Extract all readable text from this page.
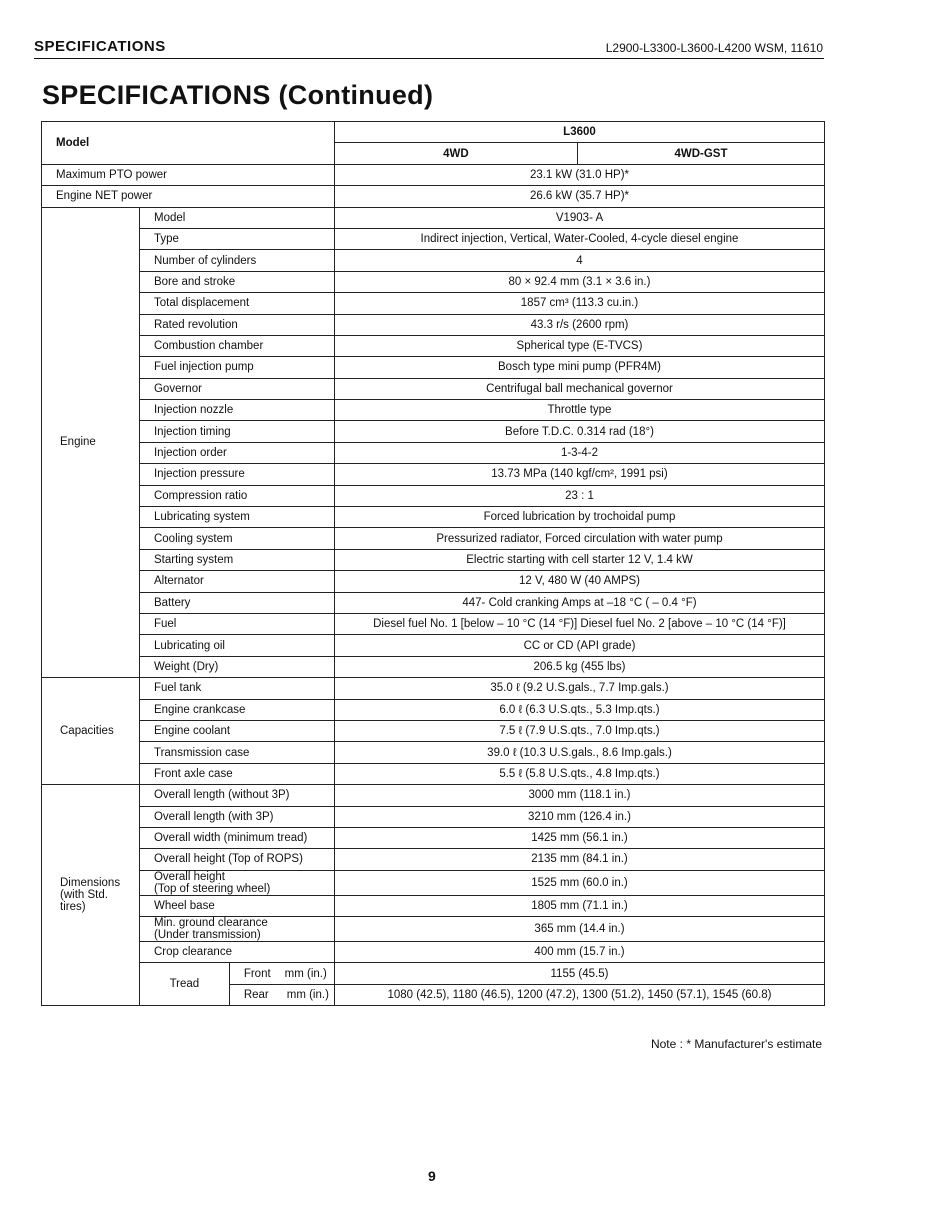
SPECIFICATIONS	L2900-L3300-L3600-L4200 WSM, 11610
SPECIFICATIONS (Continued)
Model			L3600	
			4WD	4WD-GST
Maximum PTO power			23.1 kW (31.0 HP)*	
Engine NET power			26.6 kW (35.7 HP)*	
Engine	Model		V1903- A	
	Type		Indirect injection, Vertical, Water-Cooled, 4-cycle diesel engine	
	Number of cylinders		4	
	Bore and stroke		80 × 92.4 mm (3.1 × 3.6 in.)	
	Total displacement		1857 cm³ (113.3 cu.in.)	
	Rated revolution		43.3 r/s (2600 rpm)	
	Combustion chamber		Spherical type (E-TVCS)	
	Fuel injection pump		Bosch type mini pump (PFR4M)	
	Governor		Centrifugal ball mechanical governor	
	Injection nozzle		Throttle type	
	Injection timing		Before T.D.C. 0.314 rad (18°)	
	Injection order		1-3-4-2	
	Injection pressure		13.73 MPa (140 kgf/cm², 1991 psi)	
	Compression ratio		23 : 1	
	Lubricating system		Forced lubrication by trochoidal pump	
	Cooling system		Pressurized radiator, Forced circulation with water pump	
	Starting system		Electric starting with cell starter 12 V, 1.4 kW	
	Alternator		12 V, 480 W (40 AMPS)	
	Battery		447- Cold cranking Amps at –18 °C ( – 0.4 °F)	
	Fuel		Diesel fuel No. 1 [below – 10 °C (14 °F)] Diesel fuel No. 2 [above – 10 °C (14 °F)]	
	Lubricating oil		CC or CD (API grade)	
	Weight (Dry)		206.5 kg (455 lbs)	
Capacities	Fuel tank		35.0 ℓ (9.2 U.S.gals., 7.7 Imp.gals.)	
	Engine crankcase		6.0 ℓ (6.3 U.S.qts., 5.3 Imp.qts.)	
	Engine coolant		7.5 ℓ (7.9 U.S.qts., 7.0 Imp.qts.)	
	Transmission case		39.0 ℓ (10.3 U.S.gals., 8.6 Imp.gals.)	
	Front axle case		5.5 ℓ (5.8 U.S.qts., 4.8 Imp.qts.)	

Dimensions
(with Std.
tires)	Overall length (without 3P)		3000 mm (118.1 in.)	
	Overall length (with 3P)		3210 mm (126.4 in.)	
	Overall width (minimum tread)		1425 mm (56.1 in.)	
	Overall height (Top of ROPS)		2135 mm (84.1 in.)	

	Overall height
(Top of steering wheel)		1525 mm (60.0 in.)	
	Wheel base		1805 mm (71.1 in.)	

	Min. ground clearance
(Under transmission)		365 mm (14.4 in.)	
	Crop clearance		400 mm (15.7 in.)	
	Tread	Front mm (in.)	1155 (45.5)	
		Rear mm (in.)	1080 (42.5), 1180 (46.5), 1200 (47.2), 1300 (51.2), 1450 (57.1), 1545 (60.8)	
Note : * Manufacturer's estimate
9
